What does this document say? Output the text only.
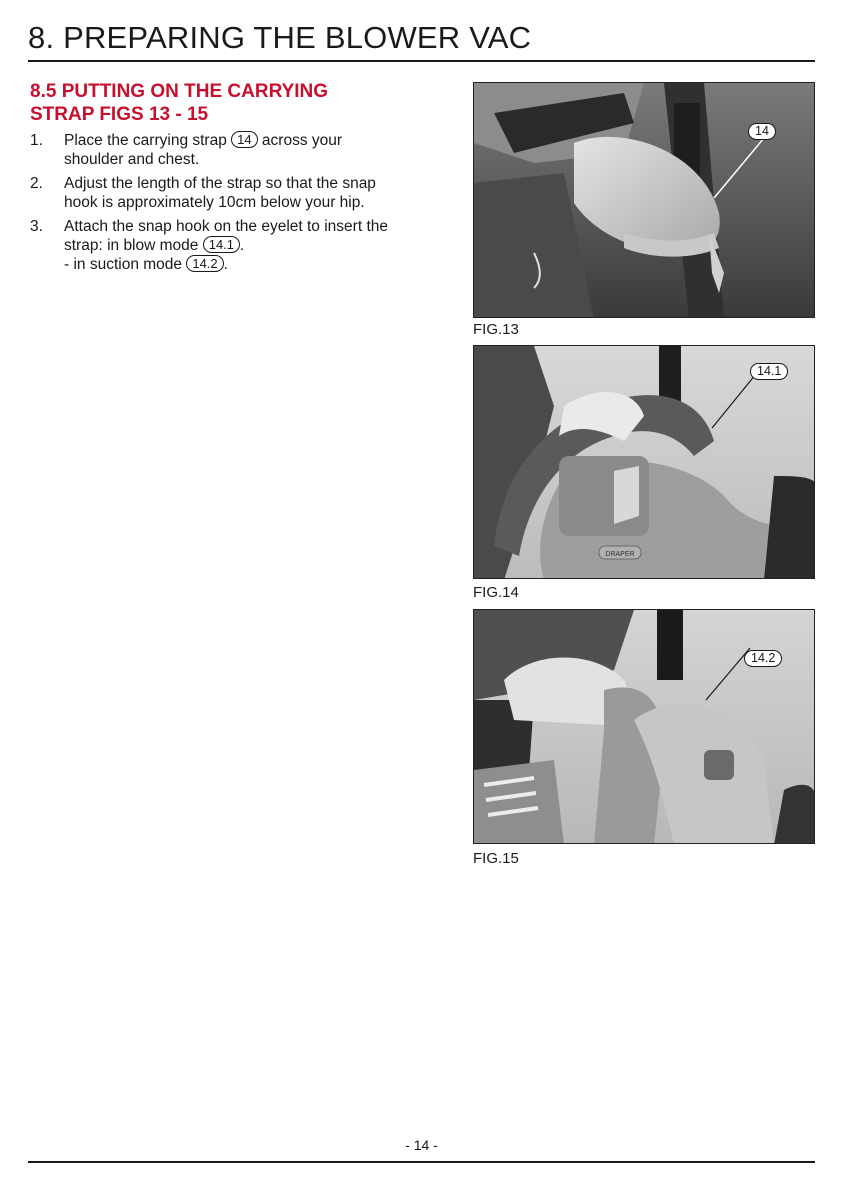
8. PREPARING THE BLOWER VAC
8.5 PUTTING ON THE CARRYING
STRAP FIGS 13 - 15
1. Place the carrying strap 14 across your
shoulder and chest.
2. Adjust the length of the strap so that the snap
hook is approximately 10cm below your hip.
3. Attach the snap hook on the eyelet to insert the
strap: in blow mode 14.1 .
- in suction mode 14.2 .
14
FIG.13
DRAPER
14.1
FIG.14
14.2
FIG.15
- 14 -
